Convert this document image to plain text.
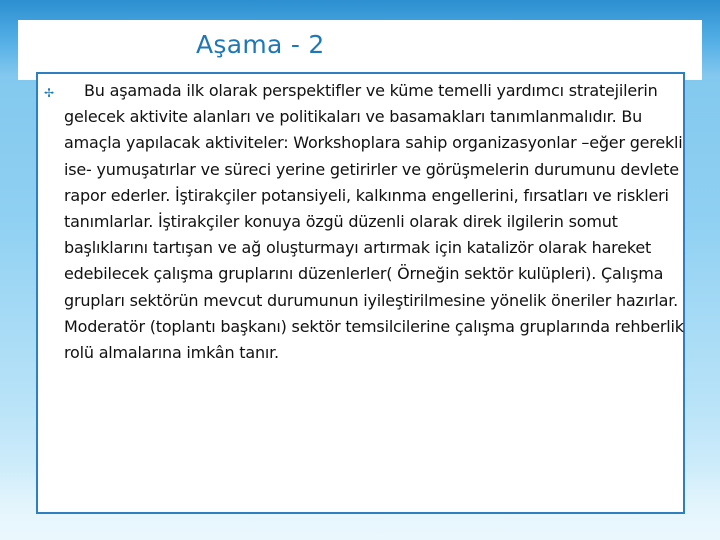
Aşama - 2
✢	Bu aşamada ilk olarak perspektifler ve küme temelli yardımcı stratejilerin gelecek aktivite alanları ve politikaları ve basamakları tanımlanmalıdır. Bu amaçla yapılacak aktiviteler: Workshoplara sahip organizasyonlar –eğer gerekli ise- yumuşatırlar ve süreci yerine getirirler ve görüşmelerin durumunu devlete rapor ederler. İştirakçiler potansiyeli, kalkınma engellerini, fırsatları ve riskleri tanımlarlar. İştirakçiler konuya özgü düzenli olarak direk ilgilerin somut başlıklarını tartışan ve ağ oluşturmayı artırmak için katalizör olarak hareket edebilecek çalışma gruplarını düzenlerler( Örneğin sektör kulüpleri). Çalışma grupları sektörün mevcut durumunun iyileştirilmesine yönelik öneriler hazırlar. Moderatör (toplantı başkanı) sektör temsilcilerine çalışma gruplarında rehberlik rolü almalarına imkân tanır.
